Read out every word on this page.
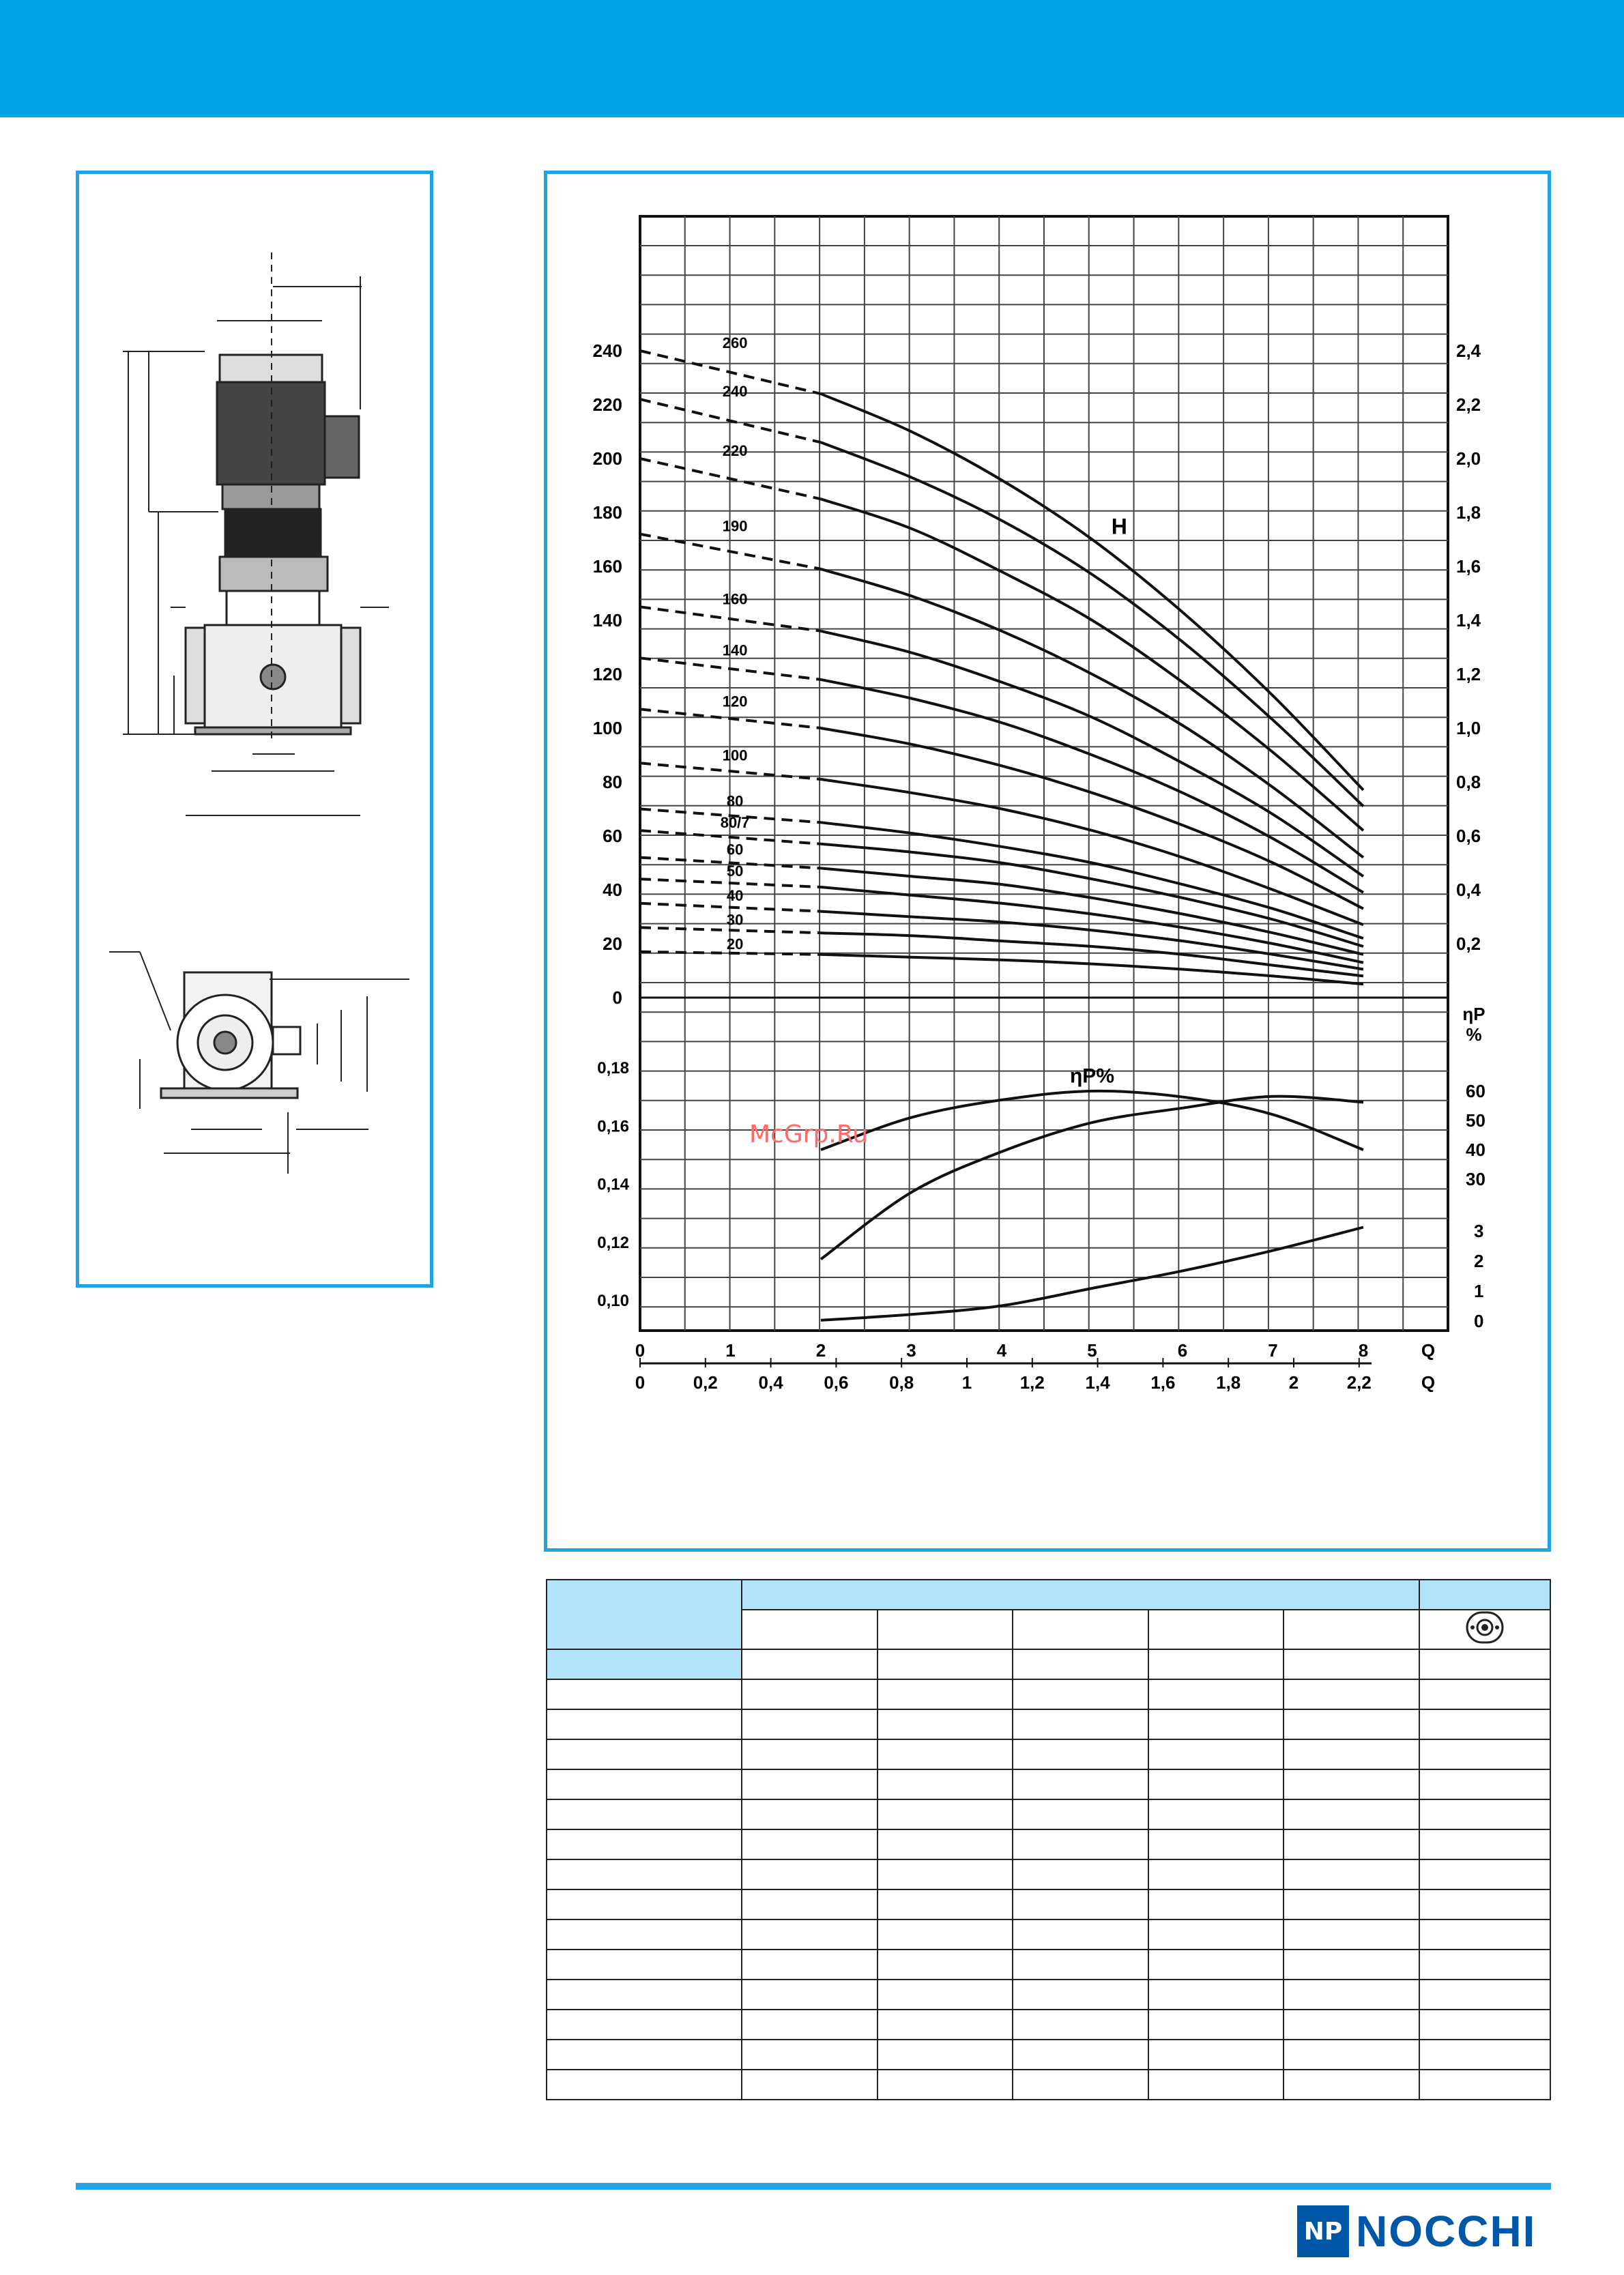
0
20
40
60
80
100
120
140
160
180
200
220
240
0,2
0,4
0,6
0,8
1,0
1,2
1,4
1,6
1,8
2,0
2,2
2,4
30
40
50
60
ηP
%
0,10
0,12
0,14
0,16
0,18
0
1
2
3
0	1	2	3	4	5	6	7	8	Q
0	0,2 0,4 0,6 0,8	1	1,2 1,4 1,6 1,8	2	2,2	Q
260
240
220
190
160
140
120
100
80
80/7
60
50
40
30
20
H
ηP%
McGrp.Ru

NP NOCCHI
